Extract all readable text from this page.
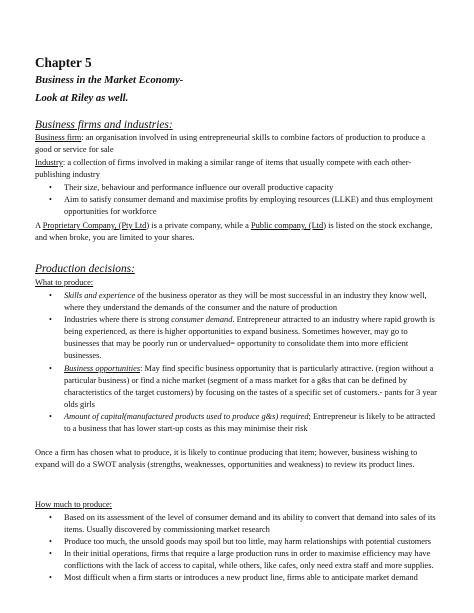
Chapter 5
Business in the Market Economy-
Look at Riley as well.
Business firms and industries:
Business firm: an organisation involved in using entrepreneurial skills to combine factors of production to produce a good or service for sale
Industry: a collection of firms involved in making a similar range of items that usually compete with each other-publishing industry
• Their size, behaviour and performance influence our overall productive capacity
• Aim to satisfy consumer demand and maximise profits by employing resources (LLKE) and thus employment opportunities for workforce
A Proprietary Company, (Pty Ltd) is a private company, while a Public company, (Ltd) is listed on the stock exchange, and when broke, you are limited to your shares.
Production decisions:
What to produce:
• Skills and experience of the business operator as they will be most successful in an industry they know well, where they understand the demands of the consumer and the nature of production
• Industries where there is strong consumer demand. Entrepreneur attracted to an industry where rapid growth is being experienced, as there is higher opportunities to expand business. Sometimes however, may go to businesses that may be poorly run or undervalued= opportunity to consolidate them into more efficient businesses.
• Business opportunities: May find specific business opportunity that is particularly attractive. (region without a particular business) or find a niche market (segment of a mass market for a g&s that can be defined by characteristics of the target customers) by focusing on the tastes of a specific set of customers.- pants for 3 year olds girls
• Amount of capital(manufactured products used to produce g&s) required; Entrepreneur is likely to be attracted to a business that has lower start-up costs as this may minimise their risk
Once a firm has chosen what to produce, it is likely to continue producing that item; however, business wishing to expand will do a SWOT analysis (strengths, weaknesses, opportunities and weakness) to review its product lines.
How much to produce:
• Based on its assessment of the level of consumer demand and its ability to convert that demand into sales of its items. Usually discovered by commissioning market research
• Produce too much, the unsold goods may spoil but too little, may harm relationships with potential customers
• In their initial operations, firms that require a large production runs in order to maximise efficiency may have conflictions with the lack of access to capital, while others, like cafes, only need extra staff and more supplies.
• Most difficult when a firm starts or introduces a new product line, firms able to anticipate market demand
